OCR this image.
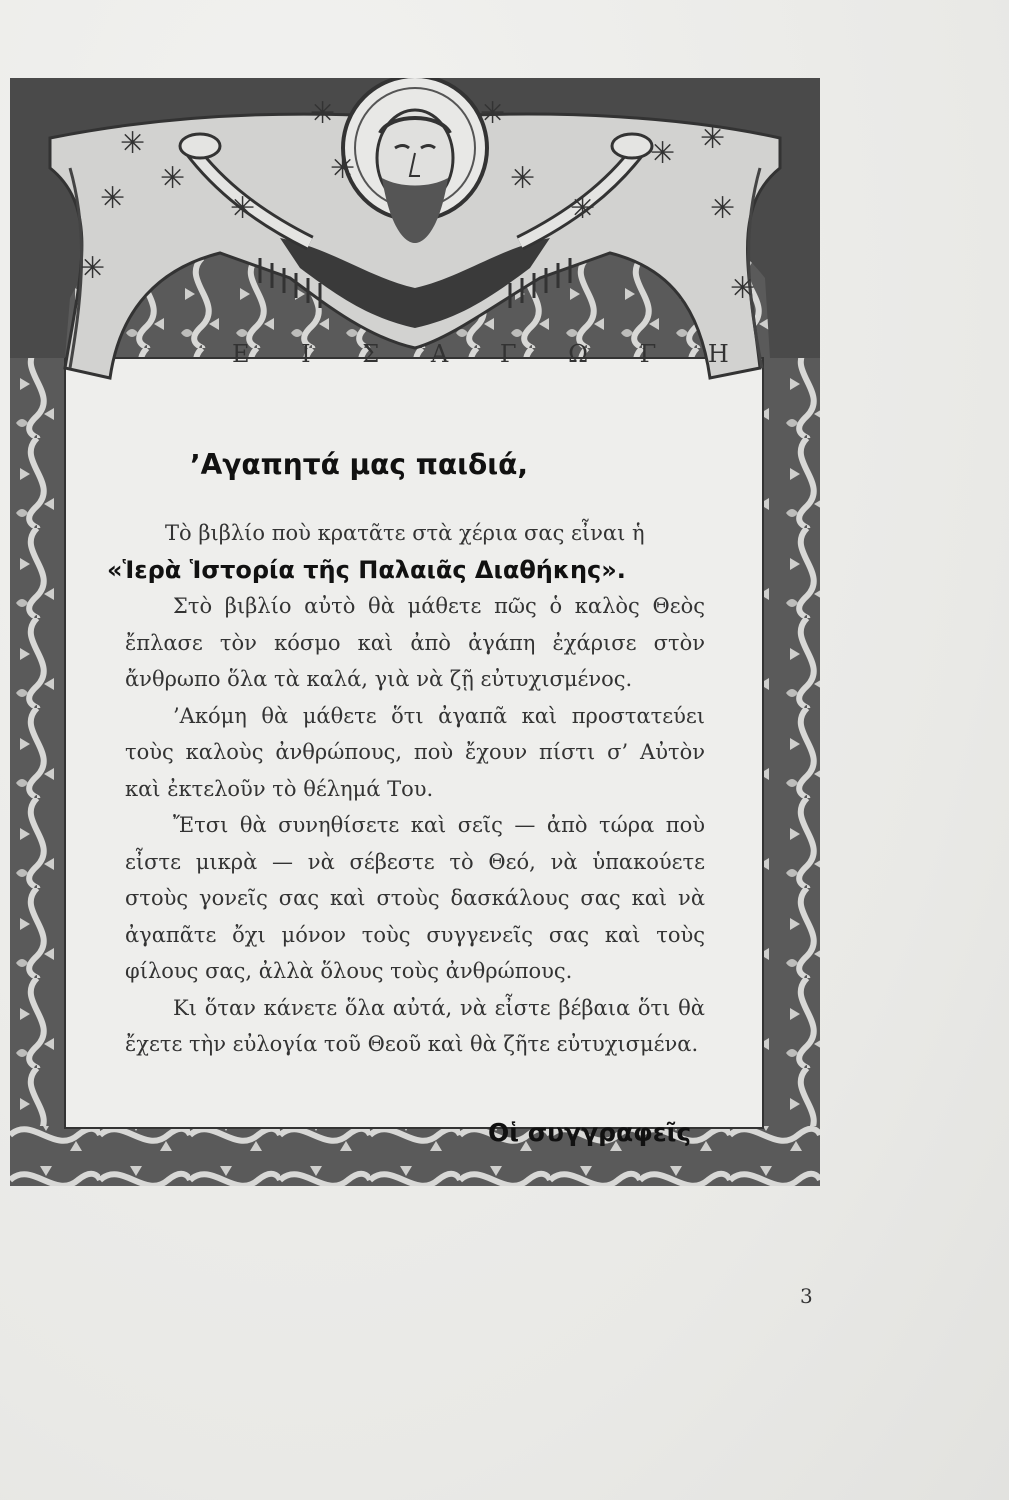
✳
✳
✳
✳
✳
✳
✳
✳
✳
✳ ✳
✳
✳
✳
Ε Ι Σ Α Γ Ω Γ Η
’Αγαπητά μας παιδιά,

Τὸ βιβλίο ποὺ κρατᾶτε στὰ χέρια σας εἶναι ἡ

«Ἱερὰ Ἱστορία τῆς Παλαιᾶς Διαθήκης».

Στὸ βιβλίο αὐτὸ θὰ μάθετε πῶς ὁ καλὸς Θεὸς ἔπλασε τὸν κόσμο καὶ ἀπὸ ἀγάπη ἐχάρισε στὸν ἄνθρωπο ὅλα τὰ καλά, γιὰ νὰ ζῇ εὐτυχισμένος.

’Ακόμη θὰ μάθετε ὅτι ἀγαπᾶ καὶ προστατεύει τοὺς καλοὺς ἀνθρώπους, ποὺ ἔχουν πίστι σ’ Αὐτὸν καὶ ἐκτελοῦν τὸ θέλημά Του.

Ἔτσι θὰ συνηθίσετε καὶ σεῖς — ἀπὸ τώρα ποὺ εἶστε μικρὰ — νὰ σέβεστε τὸ Θεό, νὰ ὑπακούετε στοὺς γονεῖς σας καὶ στοὺς δασκάλους σας καὶ νὰ ἀγαπᾶτε ὄχι μόνον τοὺς συγγενεῖς σας καὶ τοὺς φίλους σας, ἀλλὰ ὅλους τοὺς ἀνθρώπους.

Κι ὅταν κάνετε ὅλα αὐτά, νὰ εἶστε βέβαια ὅτι θὰ ἔχετε τὴν εὐλογία τοῦ Θεοῦ καὶ θὰ ζῆτε εὐτυχισμένα.

Οἱ συγγραφεῖς
3
